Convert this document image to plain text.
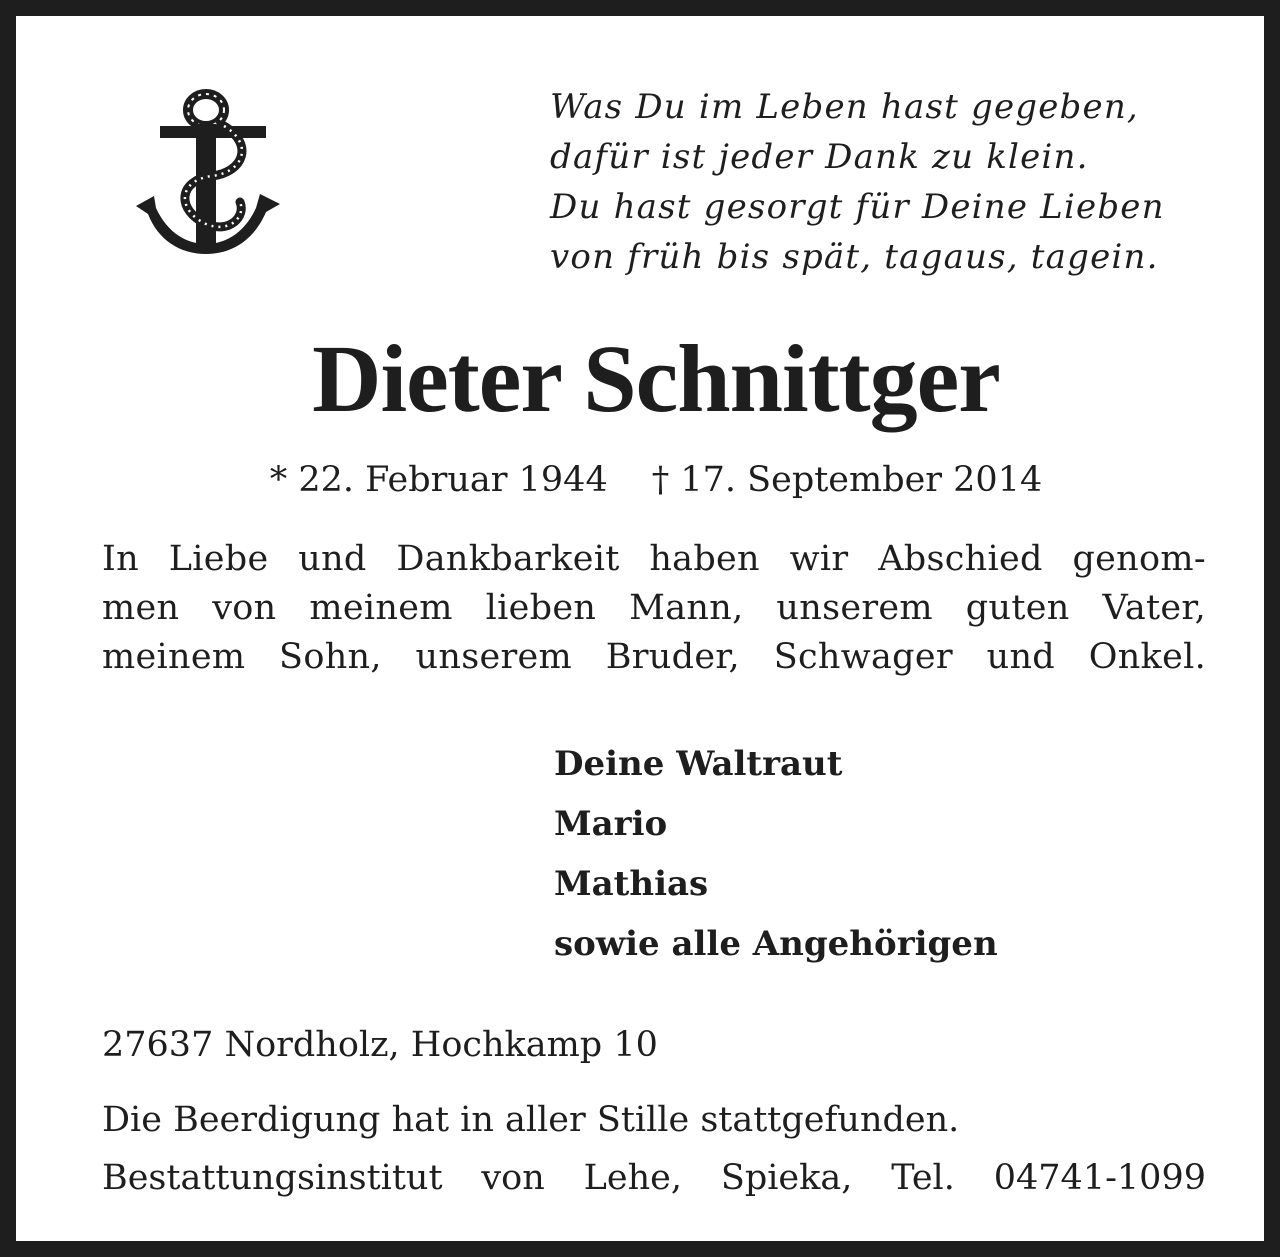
Was Du im Leben hast gegeben,
dafür ist jeder Dank zu klein.
Du hast gesorgt für Deine Lieben
von früh bis spät, tagaus, tagein.
Dieter Schnittger
* 22. Februar 1944 † 17. September 2014
In Liebe und Dankbarkeit haben wir Abschied genom-
men von meinem lieben Mann, unserem guten Vater,
meinem Sohn, unserem Bruder, Schwager und Onkel.
Deine Waltraut
Mario
Mathias
sowie alle Angehörigen
27637 Nordholz, Hochkamp 10
Die Beerdigung hat in aller Stille stattgefunden.
Bestattungsinstitut von Lehe, Spieka, Tel. 04741-1099
